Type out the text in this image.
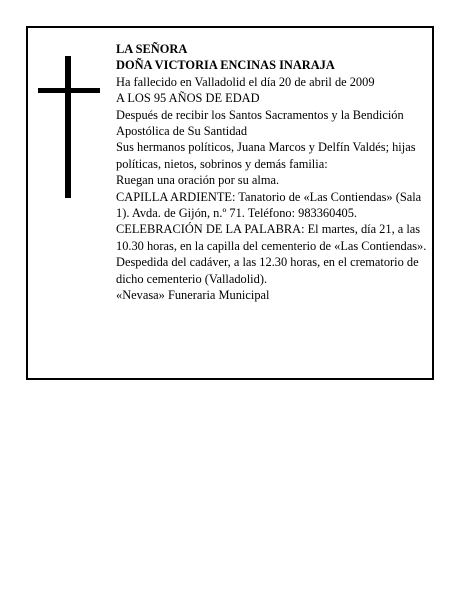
LA SEÑORA

DOÑA VICTORIA ENCINAS INARAJA

Ha fallecido en Valladolid el día 20 de abril de 2009

A LOS 95 AÑOS DE EDAD

Después de recibir los Santos Sacramentos y la Bendición Apostólica de Su Santidad

Sus hermanos políticos, Juana Marcos y Delfín Valdés; hijas políticas, nietos, sobrinos y demás familia:

Ruegan una oración por su alma.

CAPILLA ARDIENTE: Tanatorio de «Las Contiendas» (Sala 1). Avda. de Gijón, n.º 71. Teléfono: 983360405.

CELEBRACIÓN DE LA PALABRA: El martes, día 21, a las 10.30 horas, en la capilla del cementerio de «Las Contiendas». Despedida del cadáver, a las 12.30 horas, en el crematorio de dicho cementerio (Valladolid).

«Nevasa» Funeraria Municipal
